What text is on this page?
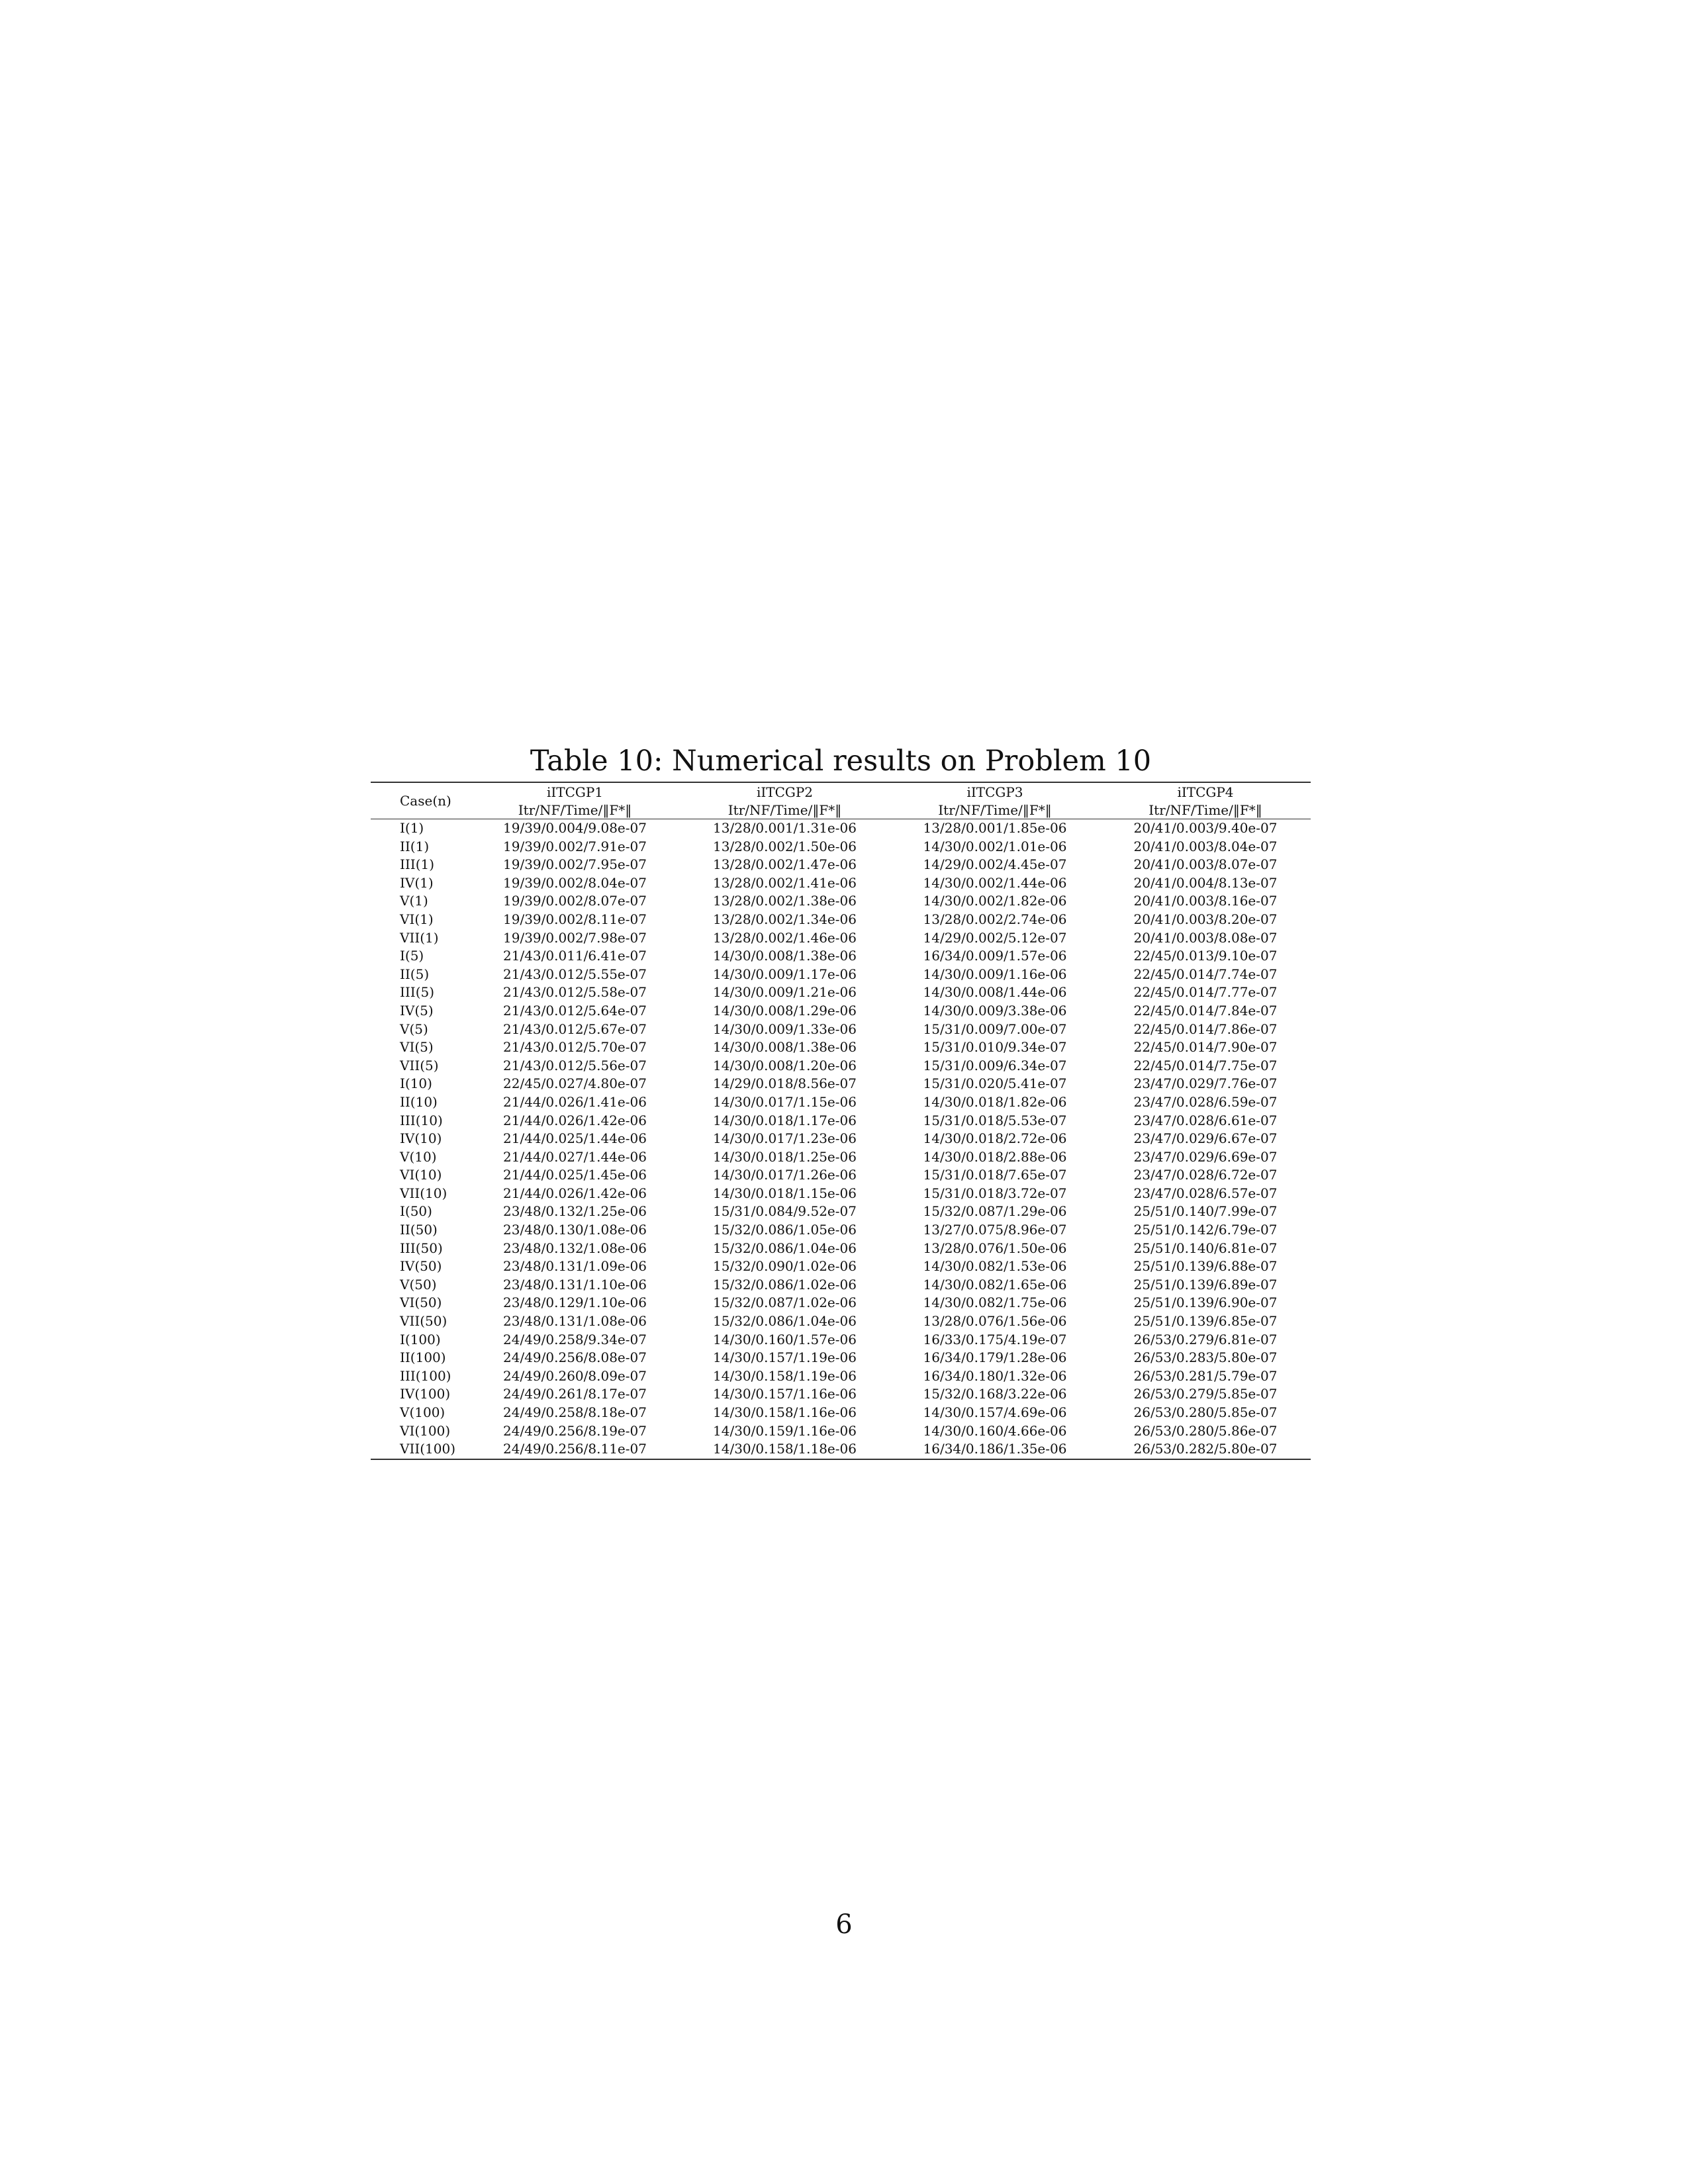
Table 10: Numerical results on Problem 10
Case(n)	iITCGP1	iITCGP2	iITCGP3	iITCGP4
	Itr/NF/Time/‖F*‖	Itr/NF/Time/‖F*‖	Itr/NF/Time/‖F*‖	Itr/NF/Time/‖F*‖
I(1)	19/39/0.004/9.08e-07	13/28/0.001/1.31e-06	13/28/0.001/1.85e-06	20/41/0.003/9.40e-07
II(1)	19/39/0.002/7.91e-07	13/28/0.002/1.50e-06	14/30/0.002/1.01e-06	20/41/0.003/8.04e-07
III(1)	19/39/0.002/7.95e-07	13/28/0.002/1.47e-06	14/29/0.002/4.45e-07	20/41/0.003/8.07e-07
IV(1)	19/39/0.002/8.04e-07	13/28/0.002/1.41e-06	14/30/0.002/1.44e-06	20/41/0.004/8.13e-07
V(1)	19/39/0.002/8.07e-07	13/28/0.002/1.38e-06	14/30/0.002/1.82e-06	20/41/0.003/8.16e-07
VI(1)	19/39/0.002/8.11e-07	13/28/0.002/1.34e-06	13/28/0.002/2.74e-06	20/41/0.003/8.20e-07
VII(1)	19/39/0.002/7.98e-07	13/28/0.002/1.46e-06	14/29/0.002/5.12e-07	20/41/0.003/8.08e-07
I(5)	21/43/0.011/6.41e-07	14/30/0.008/1.38e-06	16/34/0.009/1.57e-06	22/45/0.013/9.10e-07
II(5)	21/43/0.012/5.55e-07	14/30/0.009/1.17e-06	14/30/0.009/1.16e-06	22/45/0.014/7.74e-07
III(5)	21/43/0.012/5.58e-07	14/30/0.009/1.21e-06	14/30/0.008/1.44e-06	22/45/0.014/7.77e-07
IV(5)	21/43/0.012/5.64e-07	14/30/0.008/1.29e-06	14/30/0.009/3.38e-06	22/45/0.014/7.84e-07
V(5)	21/43/0.012/5.67e-07	14/30/0.009/1.33e-06	15/31/0.009/7.00e-07	22/45/0.014/7.86e-07
VI(5)	21/43/0.012/5.70e-07	14/30/0.008/1.38e-06	15/31/0.010/9.34e-07	22/45/0.014/7.90e-07
VII(5)	21/43/0.012/5.56e-07	14/30/0.008/1.20e-06	15/31/0.009/6.34e-07	22/45/0.014/7.75e-07
I(10)	22/45/0.027/4.80e-07	14/29/0.018/8.56e-07	15/31/0.020/5.41e-07	23/47/0.029/7.76e-07
II(10)	21/44/0.026/1.41e-06	14/30/0.017/1.15e-06	14/30/0.018/1.82e-06	23/47/0.028/6.59e-07
III(10)	21/44/0.026/1.42e-06	14/30/0.018/1.17e-06	15/31/0.018/5.53e-07	23/47/0.028/6.61e-07
IV(10)	21/44/0.025/1.44e-06	14/30/0.017/1.23e-06	14/30/0.018/2.72e-06	23/47/0.029/6.67e-07
V(10)	21/44/0.027/1.44e-06	14/30/0.018/1.25e-06	14/30/0.018/2.88e-06	23/47/0.029/6.69e-07
VI(10)	21/44/0.025/1.45e-06	14/30/0.017/1.26e-06	15/31/0.018/7.65e-07	23/47/0.028/6.72e-07
VII(10)	21/44/0.026/1.42e-06	14/30/0.018/1.15e-06	15/31/0.018/3.72e-07	23/47/0.028/6.57e-07
I(50)	23/48/0.132/1.25e-06	15/31/0.084/9.52e-07	15/32/0.087/1.29e-06	25/51/0.140/7.99e-07
II(50)	23/48/0.130/1.08e-06	15/32/0.086/1.05e-06	13/27/0.075/8.96e-07	25/51/0.142/6.79e-07
III(50)	23/48/0.132/1.08e-06	15/32/0.086/1.04e-06	13/28/0.076/1.50e-06	25/51/0.140/6.81e-07
IV(50)	23/48/0.131/1.09e-06	15/32/0.090/1.02e-06	14/30/0.082/1.53e-06	25/51/0.139/6.88e-07
V(50)	23/48/0.131/1.10e-06	15/32/0.086/1.02e-06	14/30/0.082/1.65e-06	25/51/0.139/6.89e-07
VI(50)	23/48/0.129/1.10e-06	15/32/0.087/1.02e-06	14/30/0.082/1.75e-06	25/51/0.139/6.90e-07
VII(50)	23/48/0.131/1.08e-06	15/32/0.086/1.04e-06	13/28/0.076/1.56e-06	25/51/0.139/6.85e-07
I(100)	24/49/0.258/9.34e-07	14/30/0.160/1.57e-06	16/33/0.175/4.19e-07	26/53/0.279/6.81e-07
II(100)	24/49/0.256/8.08e-07	14/30/0.157/1.19e-06	16/34/0.179/1.28e-06	26/53/0.283/5.80e-07
III(100)	24/49/0.260/8.09e-07	14/30/0.158/1.19e-06	16/34/0.180/1.32e-06	26/53/0.281/5.79e-07
IV(100)	24/49/0.261/8.17e-07	14/30/0.157/1.16e-06	15/32/0.168/3.22e-06	26/53/0.279/5.85e-07
V(100)	24/49/0.258/8.18e-07	14/30/0.158/1.16e-06	14/30/0.157/4.69e-06	26/53/0.280/5.85e-07
VI(100)	24/49/0.256/8.19e-07	14/30/0.159/1.16e-06	14/30/0.160/4.66e-06	26/53/0.280/5.86e-07
VII(100)	24/49/0.256/8.11e-07	14/30/0.158/1.18e-06	16/34/0.186/1.35e-06	26/53/0.282/5.80e-07
6
